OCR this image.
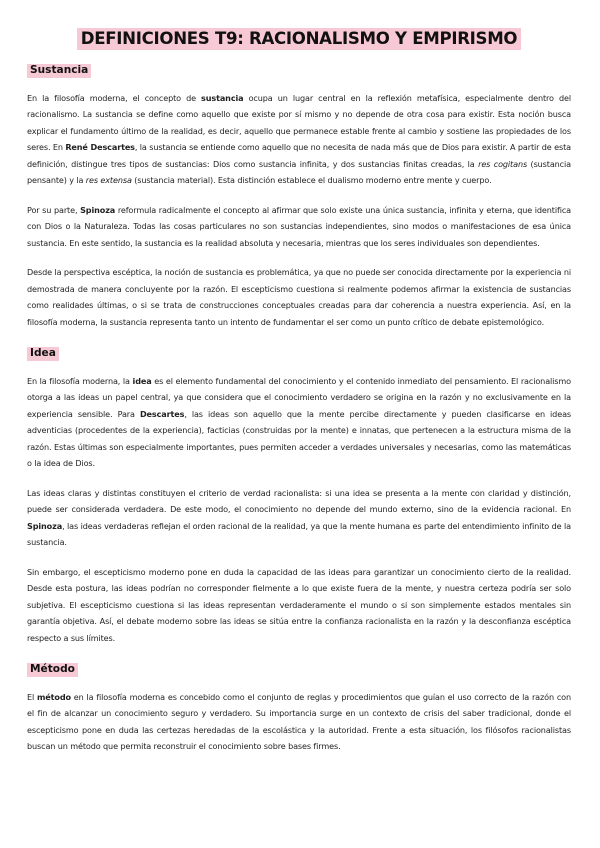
DEFINICIONES T9: RACIONALISMO Y EMPIRISMO
Sustancia

En la filosofía moderna, el concepto de sustancia ocupa un lugar central en la reflexión metafísica, especialmente dentro del racionalismo. La sustancia se define como aquello que existe por sí mismo y no depende de otra cosa para existir. Esta noción busca explicar el fundamento último de la realidad, es decir, aquello que permanece estable frente al cambio y sostiene las propiedades de los seres. En René Descartes, la sustancia se entiende como aquello que no necesita de nada más que de Dios para existir. A partir de esta definición, distingue tres tipos de sustancias: Dios como sustancia infinita, y dos sustancias finitas creadas, la res cogitans (sustancia pensante) y la res extensa (sustancia material). Esta distinción establece el dualismo moderno entre mente y cuerpo.

Por su parte, Spinoza reformula radicalmente el concepto al afirmar que solo existe una única sustancia, infinita y eterna, que identifica con Dios o la Naturaleza. Todas las cosas particulares no son sustancias independientes, sino modos o manifestaciones de esa única sustancia. En este sentido, la sustancia es la realidad absoluta y necesaria, mientras que los seres individuales son dependientes.

Desde la perspectiva escéptica, la noción de sustancia es problemática, ya que no puede ser conocida directamente por la experiencia ni demostrada de manera concluyente por la razón. El escepticismo cuestiona si realmente podemos afirmar la existencia de sustancias como realidades últimas, o si se trata de construcciones conceptuales creadas para dar coherencia a nuestra experiencia. Así, en la filosofía moderna, la sustancia representa tanto un intento de fundamentar el ser como un punto crítico de debate epistemológico.

Idea

En la filosofía moderna, la idea es el elemento fundamental del conocimiento y el contenido inmediato del pensamiento. El racionalismo otorga a las ideas un papel central, ya que considera que el conocimiento verdadero se origina en la razón y no exclusivamente en la experiencia sensible. Para Descartes, las ideas son aquello que la mente percibe directamente y pueden clasificarse en ideas adventicias (procedentes de la experiencia), facticias (construidas por la mente) e innatas, que pertenecen a la estructura misma de la razón. Estas últimas son especialmente importantes, pues permiten acceder a verdades universales y necesarias, como las matemáticas o la idea de Dios.

Las ideas claras y distintas constituyen el criterio de verdad racionalista: si una idea se presenta a la mente con claridad y distinción, puede ser considerada verdadera. De este modo, el conocimiento no depende del mundo externo, sino de la evidencia racional. En Spinoza, las ideas verdaderas reflejan el orden racional de la realidad, ya que la mente humana es parte del entendimiento infinito de la sustancia.

Sin embargo, el escepticismo moderno pone en duda la capacidad de las ideas para garantizar un conocimiento cierto de la realidad. Desde esta postura, las ideas podrían no corresponder fielmente a lo que existe fuera de la mente, y nuestra certeza podría ser solo subjetiva. El escepticismo cuestiona si las ideas representan verdaderamente el mundo o si son simplemente estados mentales sin garantía objetiva. Así, el debate moderno sobre las ideas se sitúa entre la confianza racionalista en la razón y la desconfianza escéptica respecto a sus límites.

Método

El método en la filosofía moderna es concebido como el conjunto de reglas y procedimientos que guían el uso correcto de la razón con el fin de alcanzar un conocimiento seguro y verdadero. Su importancia surge en un contexto de crisis del saber tradicional, donde el escepticismo pone en duda las certezas heredadas de la escolástica y la autoridad. Frente a esta situación, los filósofos racionalistas buscan un método que permita reconstruir el conocimiento sobre bases firmes.
